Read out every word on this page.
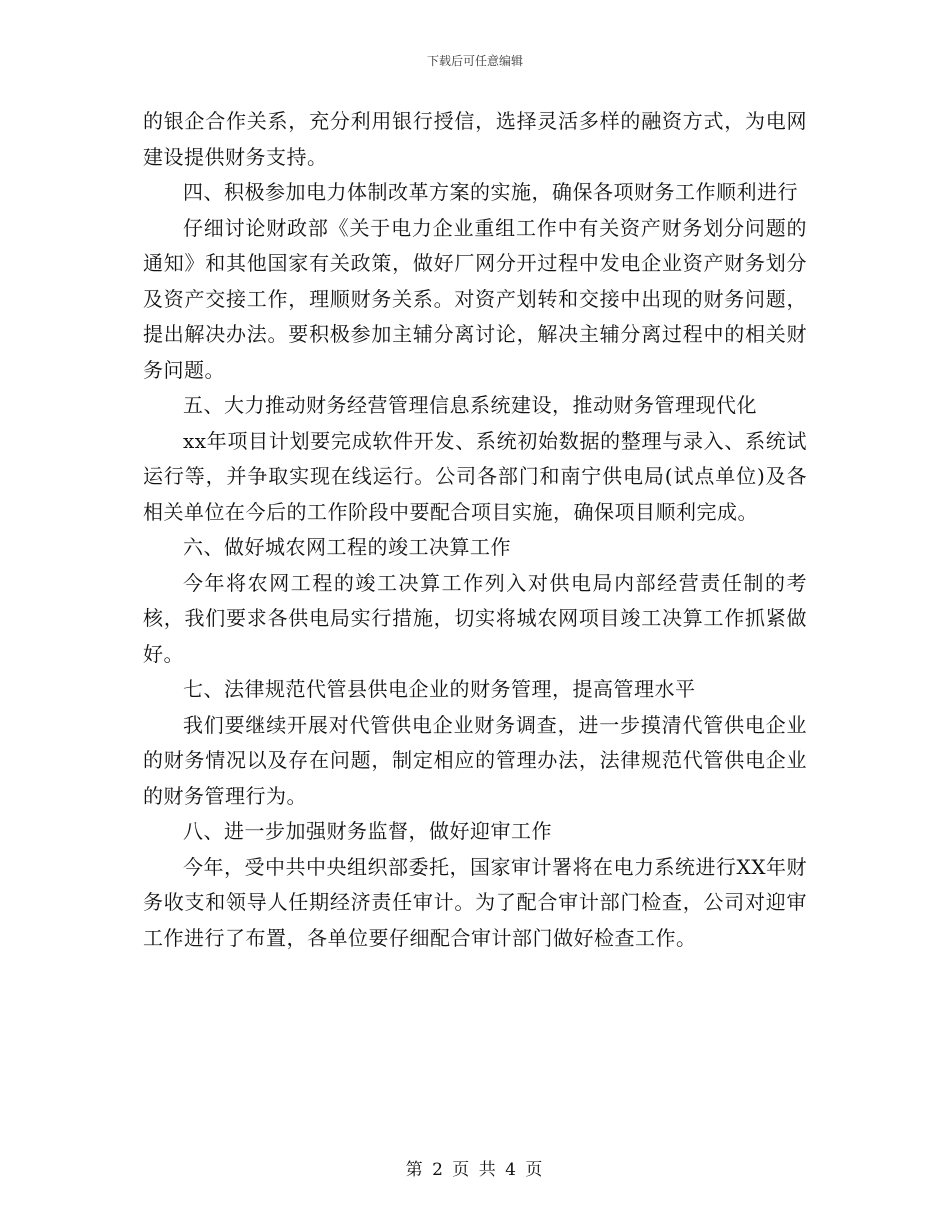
下载后可任意编辑

的银企合作关系，充分利用银行授信，选择灵活多样的融资方式，为电网建设提供财务支持。

四、积极参加电力体制改革方案的实施，确保各项财务工作顺利进行

仔细讨论财政部《关于电力企业重组工作中有关资产财务划分问题的通知》和其他国家有关政策，做好厂网分开过程中发电企业资产财务划分及资产交接工作，理顺财务关系。对资产划转和交接中出现的财务问题，提出解决办法。要积极参加主辅分离讨论，解决主辅分离过程中的相关财务问题。

五、大力推动财务经营管理信息系统建设，推动财务管理现代化

xx年项目计划要完成软件开发、系统初始数据的整理与录入、系统试运行等，并争取实现在线运行。公司各部门和南宁供电局(试点单位)及各相关单位在今后的工作阶段中要配合项目实施，确保项目顺利完成。

六、做好城农网工程的竣工决算工作

今年将农网工程的竣工决算工作列入对供电局内部经营责任制的考核，我们要求各供电局实行措施，切实将城农网项目竣工决算工作抓紧做好。

七、法律规范代管县供电企业的财务管理，提高管理水平

我们要继续开展对代管供电企业财务调查，进一步摸清代管供电企业的财务情况以及存在问题，制定相应的管理办法，法律规范代管供电企业的财务管理行为。

八、进一步加强财务监督，做好迎审工作

今年，受中共中央组织部委托，国家审计署将在电力系统进行XX年财务收支和领导人任期经济责任审计。为了配合审计部门检查，公司对迎审工作进行了布置，各单位要仔细配合审计部门做好检查工作。

第 2 页 共 4 页
